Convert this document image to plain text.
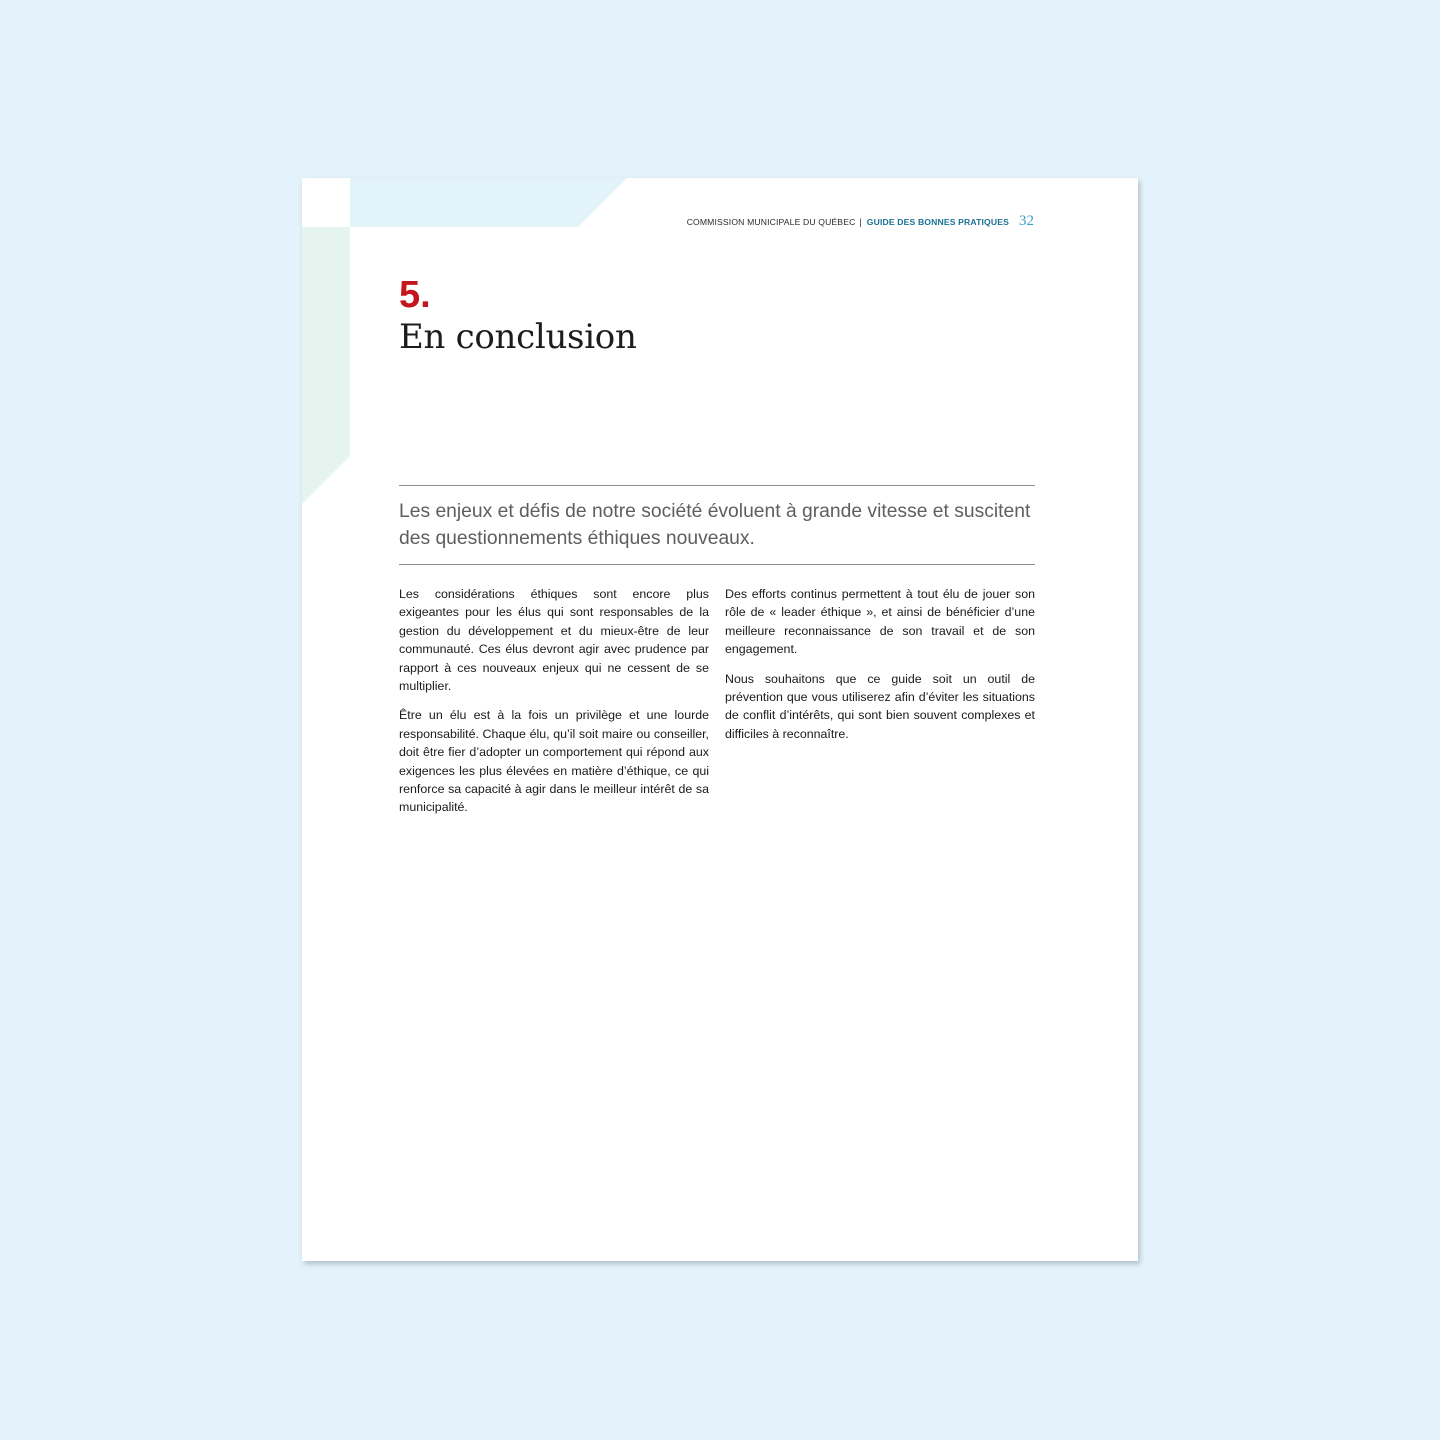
COMMISSION MUNICIPALE DU QUÉBEC | GUIDE DES BONNES PRATIQUES 32
5.
En conclusion

Les enjeux et défis de notre société évoluent à grande vitesse et suscitent des questionnements éthiques nouveaux.

Les considérations éthiques sont encore plus exigeantes pour les élus qui sont responsables de la gestion du développement et du mieux-être de leur communauté. Ces élus devront agir avec prudence par rapport à ces nouveaux enjeux qui ne cessent de se multiplier.

Être un élu est à la fois un privilège et une lourde responsabilité. Chaque élu, qu’il soit maire ou conseiller, doit être fier d’adopter un comportement qui répond aux exigences les plus élevées en matière d’éthique, ce qui renforce sa capacité à agir dans le meilleur intérêt de sa municipalité.

Des efforts continus permettent à tout élu de jouer son rôle de « leader éthique », et ainsi de bénéficier d’une meilleure reconnaissance de son travail et de son engagement.

Nous souhaitons que ce guide soit un outil de prévention que vous utiliserez afin d’éviter les situations de conflit d’intérêts, qui sont bien souvent complexes et difficiles à reconnaître.
